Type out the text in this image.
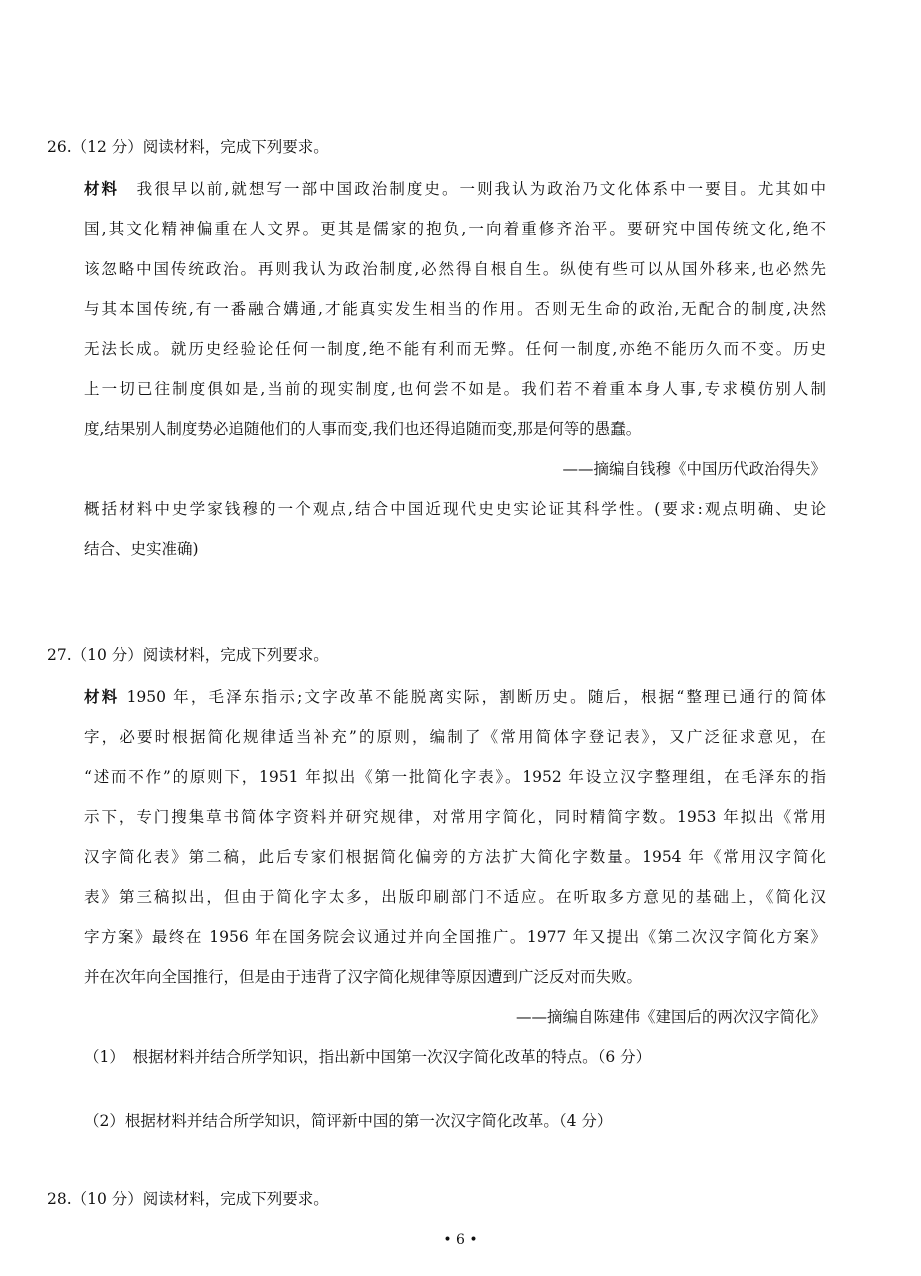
26.（12 分）阅读材料，完成下列要求。
材料　 我很早以前,就想写一部中国政治制度史。一则我认为政治乃文化体系中一要目。尤其如中
国,其文化精神偏重在人文界。更其是儒家的抱负,一向着重修齐治平。要研究中国传统文化,绝不
该忽略中国传统政治。再则我认为政治制度,必然得自根自生。纵使有些可以从国外移来,也必然先
与其本国传统,有一番融合媾通,才能真实发生相当的作用。否则无生命的政治,无配合的制度,决然
无法长成。就历史经验论任何一制度,绝不能有利而无弊。任何一制度,亦绝不能历久而不变。历史
上一切已往制度俱如是,当前的现实制度,也何尝不如是。我们若不着重本身人事,专求模仿别人制
度,结果别人制度势必追随他们的人事而变,我们也还得追随而变,那是何等的愚蠢。
——摘编自钱穆《中国历代政治得失》
概括材料中史学家钱穆的一个观点,结合中国近现代史史实论证其科学性。(要求:观点明确、史论
结合、史实准确)
27.（10 分）阅读材料，完成下列要求。
材料 1950 年，毛泽东指示;文字改革不能脱离实际，割断历史。随后，根据“整理已通行的简体
字，必要时根据简化规律适当补充”的原则，编制了《常用简体字登记表》，又广泛征求意见，在
“述而不作”的原则下，1951 年拟出《第一批简化字表》。1952 年设立汉字整理组，在毛泽东的指
示下，专门搜集草书简体字资料并研究规律，对常用字简化，同时精简字数。1953 年拟出《常用
汉字简化表》第二稿，此后专家们根据简化偏旁的方法扩大简化字数量。1954 年《常用汉字简化
表》第三稿拟出，但由于简化字太多，出版印刷部门不适应。在听取多方意见的基础上，《简化汉
字方案》最终在 1956 年在国务院会议通过并向全国推广。1977 年又提出《第二次汉字简化方案》
并在次年向全国推行，但是由于违背了汉字简化规律等原因遭到广泛反对而失败。
——摘编自陈建伟《建国后的两次汉字简化》
（1）　根据材料并结合所学知识，指出新中国第一次汉字简化改革的特点。（6 分）
（2）根据材料并结合所学知识，简评新中国的第一次汉字简化改革。（4 分）
28.（10 分）阅读材料，完成下列要求。
• 6 •
